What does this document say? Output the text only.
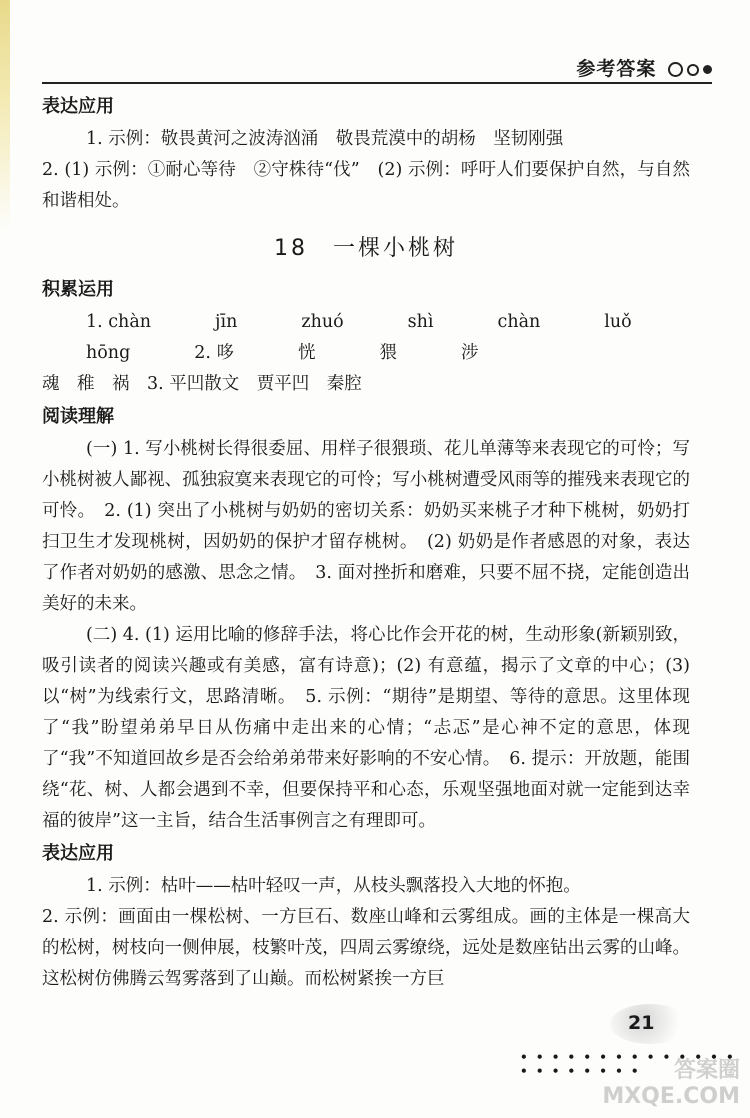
参考答案
表达应用

1. 示例：敬畏黄河之波涛汹涌　敬畏荒漠中的胡杨　坚韧刚强

2. (1) 示例：①耐心等待　②守株待“伐”　(2) 示例：呼吁人们要保护自然，与自然和谐相处。

18　一棵小桃树
积累运用
1. chàn	jīn	zhuó	shì	chàn	luǒ
hōng	2. 哆	恍	猥	涉

魂　稚　祸　3. 平凹散文　贾平凹　秦腔

阅读理解

(一) 1. 写小桃树长得很委屈、用样子很猥琐、花儿单薄等来表现它的可怜；写小桃树被人鄙视、孤独寂寞来表现它的可怜；写小桃树遭受风雨等的摧残来表现它的可怜。　2. (1) 突出了小桃树与奶奶的密切关系：奶奶买来桃子才种下桃树，奶奶打扫卫生才发现桃树，因奶奶的保护才留存桃树。　(2) 奶奶是作者感恩的对象，表达了作者对奶奶的感激、思念之情。　3. 面对挫折和磨难，只要不屈不挠，定能创造出美好的未来。

(二) 4. (1) 运用比喻的修辞手法，将心比作会开花的树，生动形象(新颖别致，吸引读者的阅读兴趣或有美感，富有诗意)；(2) 有意蕴，揭示了文章的中心；(3) 以“树”为线索行文，思路清晰。　5. 示例：“期待”是期望、等待的意思。这里体现了“我”盼望弟弟早日从伤痛中走出来的心情；“忐忑”是心神不定的意思，体现了“我”不知道回故乡是否会给弟弟带来好影响的不安心情。　6. 提示：开放题，能围绕“花、树、人都会遇到不幸，但要保持平和心态，乐观坚强地面对就一定能到达幸福的彼岸”这一主旨，结合生活事例言之有理即可。

表达应用

1. 示例：枯叶——枯叶轻叹一声，从枝头飘落投入大地的怀抱。

2. 示例：画面由一棵松树、一方巨石、数座山峰和云雾组成。画的主体是一棵高大的松树，树枝向一侧伸展，枝繁叶茂，四周云雾缭绕，远处是数座钻出云雾的山峰。这松树仿佛腾云驾雾落到了山巅。而松树紧挨一方巨

21
• • • • • • • • • • • • • • • • • • • • • •	答案圈
MXQE.COM
